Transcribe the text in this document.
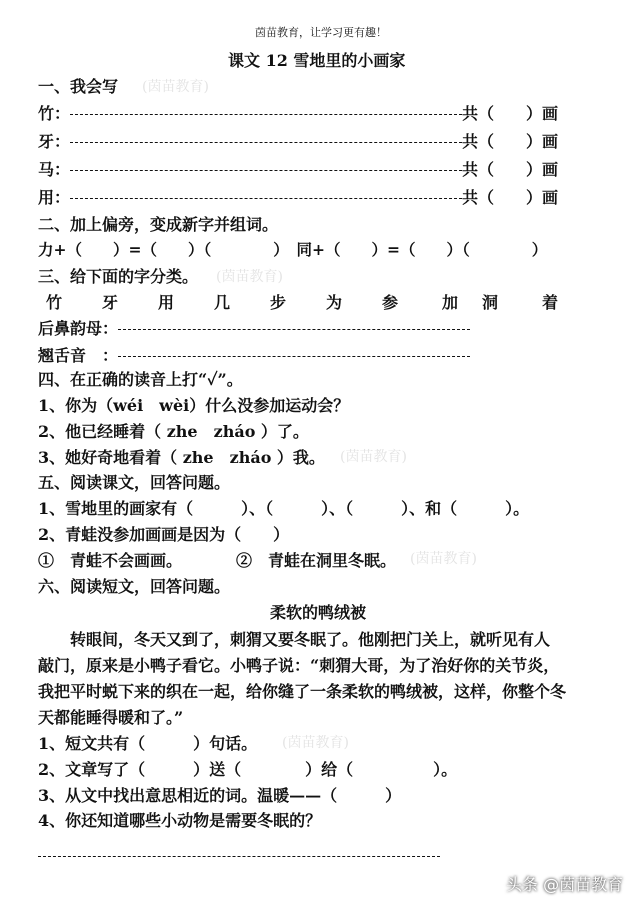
茵苗教育，让学习更有趣！
课文 12 雪地里的小画家
一、我会写 (茵苗教育)
竹：	共（　　）画
牙：	共（　　）画
马：	共（　　）画
用：	共（　　）画
二、加上偏旁，变成新字并组词。
力+（　　）=（　　）（　　　　）　同+（　　）=（　　）（　　　　）
三、给下面的字分类。 (茵苗教育)
竹 牙 用 几 步 为 参	加 洞	着
后鼻韵母：
翘舌音　：
四、在正确的读音上打“✓”。
1、你为（wéi　wèi）什么没参加运动会？
2、他已经睡着（ zhe　zháo ）了。
3、她好奇地看着（ zhe　zháo ）我。 (茵苗教育)
五、阅读课文，回答问题。
1、雪地里的画家有（　　　）、（　　　）、（　　　）、和（　　　）。
2、青蛙没参加画画是因为（　　）
①　青蛙不会画画。	②　青蛙在洞里冬眠。 (茵苗教育)
六、阅读短文，回答问题。
柔软的鸭绒被
　　转眼间，冬天又到了，刺猬又要冬眠了。他刚把门关上，就听见有人
敲门，原来是小鸭子看它。小鸭子说：“刺猬大哥，为了治好你的关节炎，
我把平时蜕下来的织在一起，给你缝了一条柔软的鸭绒被，这样，你整个冬
天都能睡得暖和了。”
1、短文共有（　　　）句话。 (茵苗教育)
2、文章写了（　　　）送（　　　　）给（　　　　　）。
3、从文中找出意思相近的词。温暖——（　　　）
4、你还知道哪些小动物是需要冬眠的？
头条 @茵苗教育
